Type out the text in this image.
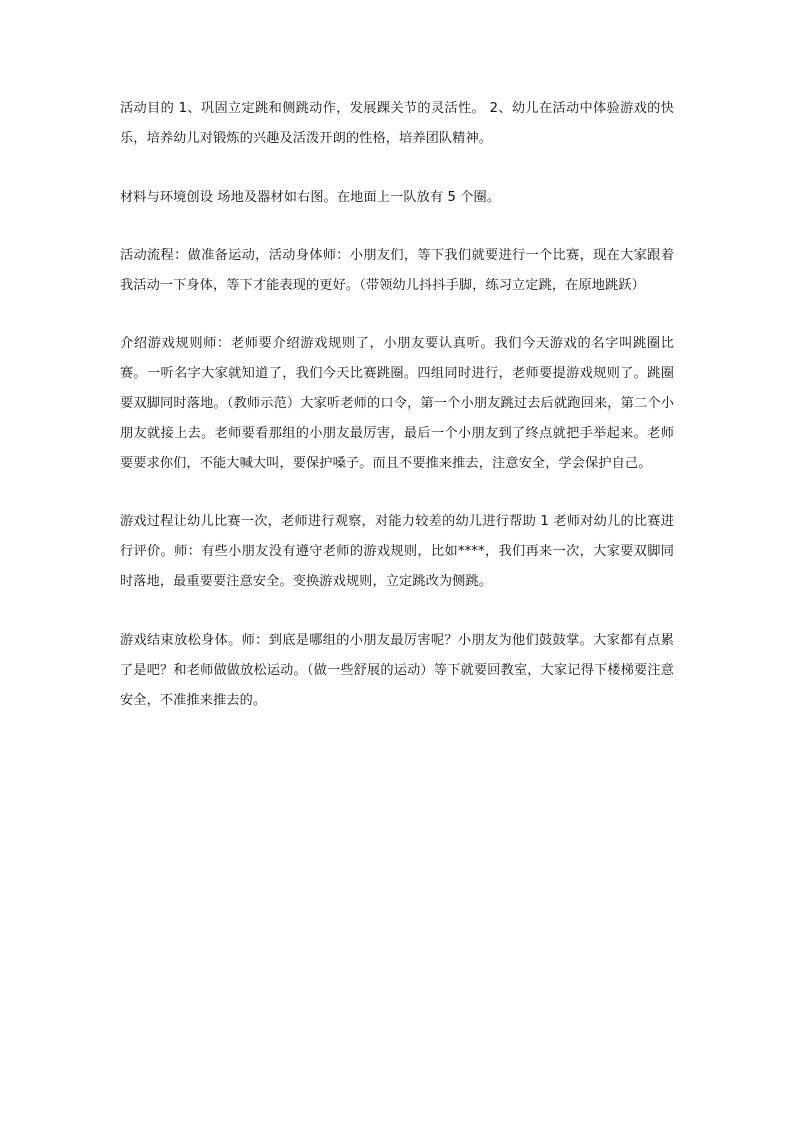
活动目的 1、巩固立定跳和侧跳动作，发展踝关节的灵活性。 2、幼儿在活动中体验游戏的快乐，培养幼儿对锻炼的兴趣及活泼开朗的性格，培养团队精神。

材料与环境创设 场地及器材如右图。在地面上一队放有 5 个圈。

活动流程：做准备运动，活动身体师：小朋友们，等下我们就要进行一个比赛，现在大家跟着我活动一下身体，等下才能表现的更好。（带领幼儿抖抖手脚，练习立定跳，在原地跳跃）

介绍游戏规则师：老师要介绍游戏规则了，小朋友要认真听。我们今天游戏的名字叫跳圈比赛。一听名字大家就知道了，我们今天比赛跳圈。四组同时进行，老师要提游戏规则了。跳圈要双脚同时落地。（教师示范）大家听老师的口令，第一个小朋友跳过去后就跑回来，第二个小朋友就接上去。老师要看那组的小朋友最厉害，最后一个小朋友到了终点就把手举起来。老师要要求你们，不能大喊大叫，要保护嗓子。而且不要推来推去，注意安全，学会保护自己。

游戏过程让幼儿比赛一次，老师进行观察，对能力较差的幼儿进行帮助 1 老师对幼儿的比赛进行评价。师：有些小朋友没有遵守老师的游戏规则，比如****，我们再来一次，大家要双脚同时落地，最重要要注意安全。变换游戏规则，立定跳改为侧跳。

游戏结束放松身体。师：到底是哪组的小朋友最厉害呢？小朋友为他们鼓鼓掌。大家都有点累了是吧？和老师做做放松运动。（做一些舒展的运动）等下就要回教室，大家记得下楼梯要注意安全，不准推来推去的。
